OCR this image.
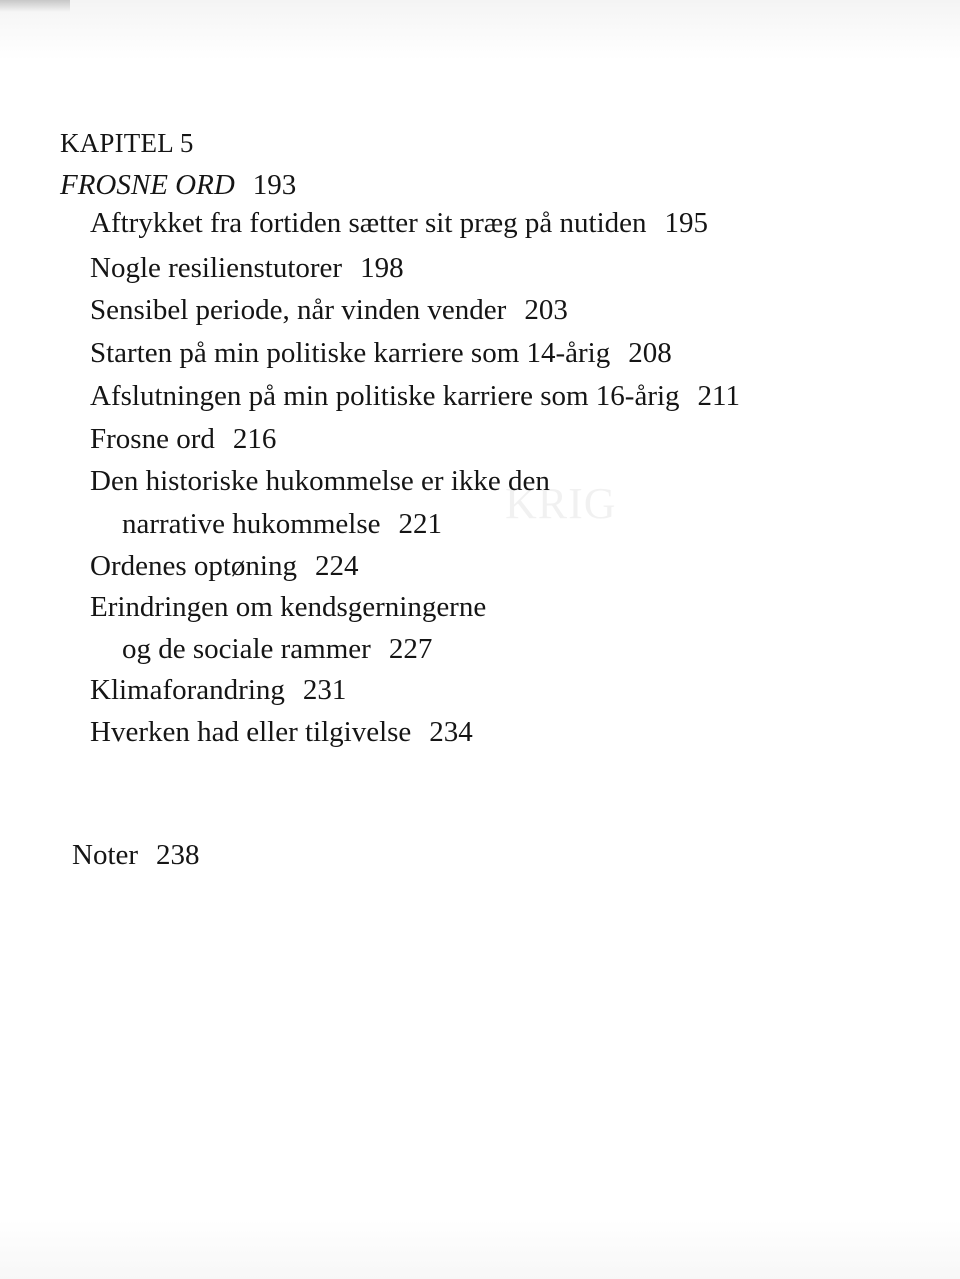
KRIG
KAPITEL 5
FROSNE ORD 193
Aftrykket fra fortiden sætter sit præg på nutiden 195
Nogle resilienstutorer 198
Sensibel periode, når vinden vender 203
Starten på min politiske karriere som 14-årig 208
Afslutningen på min politiske karriere som 16-årig 211
Frosne ord 216
Den historiske hukommelse er ikke den
narrative hukommelse 221
Ordenes optøning 224
Erindringen om kendsgerningerne
og de sociale rammer 227
Klimaforandring 231
Hverken had eller tilgivelse 234
Noter 238
